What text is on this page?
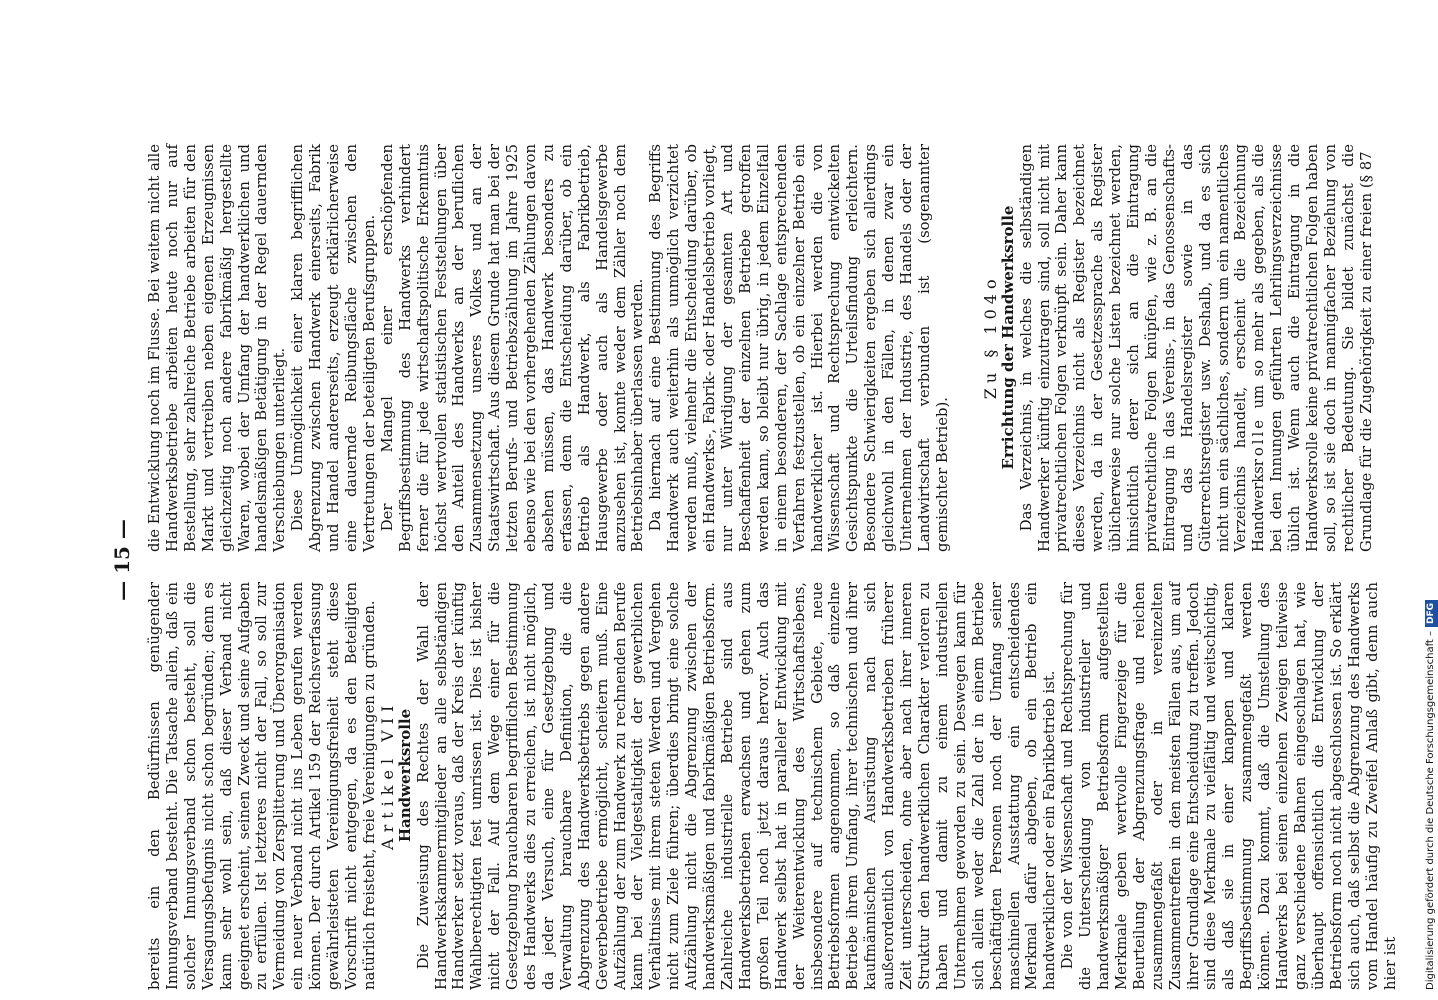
— 15 —

bereits ein den Bedürfnissen genügender Innungsverband besteht. Die Tatsache allein, daß ein solcher Innungsverband schon besteht, soll die Versagungsbefugnis nicht schon begründen; denn es kann sehr wohl sein, daß dieser Verband nicht geeignet erscheint, seinen Zweck und seine Aufgaben zu erfüllen. Ist letzteres nicht der Fall, so soll zur Vermeidung von Zersplitterung und Überorganisation ein neuer Verband nicht ins Leben gerufen werden können. Der durch Artikel 159 der Reichsverfassung gewährleisteten Vereinigungsfreiheit steht diese Vorschrift nicht entgegen, da es den Beteiligten natürlich freisteht, freie Vereinigungen zu gründen. Artikel VII

Handwerksrolle Die Zuweisung des Rechtes der Wahl der Handwerkskammermitglieder an alle selbständigen Handwerker setzt voraus, daß der Kreis der künftig Wahlberechtigten fest umrissen ist. Dies ist bisher nicht der Fall. Auf dem Wege einer für die Gesetzgebung brauchbaren begrifflichen Bestimmung des Handwerks dies zu erreichen, ist nicht möglich, da jeder Versuch, eine für Gesetzgebung und Verwaltung brauchbare Definition, die die Abgrenzung des Handwerksbetriebs gegen andere Gewerbebetriebe ermöglicht, scheitern muß. Eine Aufzählung der zum Handwerk zu rechnenden Berufe kann bei der Vielgestaltigkeit der gewerblichen Verhältnisse mit ihrem steten Werden und Vergehen nicht zum Ziele führen; überdies bringt eine solche Aufzählung nicht die Abgrenzung zwischen der handwerksmäßigen und fabrikmäßigen Betriebsform. Zahlreiche industrielle Betriebe sind aus Handwerksbetrieben erwachsen und gehen zum großen Teil noch jetzt daraus hervor. Auch das Handwerk selbst hat in paralleler Entwicklung mit der Weiterentwicklung des Wirtschaftslebens, insbesondere auf technischem Gebiete, neue Betriebsformen angenommen, so daß einzelne Betriebe ihrem Umfang, ihrer technischen und ihrer kaufmännischen Ausrüstung nach sich außerordentlich von Handwerksbetrieben früherer Zeit unterscheiden, ohne aber nach ihrer inneren Struktur den handwerklichen Charakter verloren zu haben und damit zu einem industriellen Unternehmen geworden zu sein. Deswegen kann für sich allein weder die Zahl der in einem Betriebe beschäftigten Personen noch der Umfang seiner maschinellen Ausstattung ein entscheidendes Merkmal dafür abgeben, ob ein Betrieb ein handwerklicher oder ein Fabrikbetrieb ist. Die von der Wissenschaft und Rechtsprechung für die Unterscheidung von industrieller und handwerksmäßiger Betriebsform aufgestellten Merkmale geben wertvolle Fingerzeige für die Beurteilung der Abgrenzungsfrage und reichen zusammengefaßt oder in vereinzelten Zusammentreffen in den meisten Fällen aus, um auf ihrer Grundlage eine Entscheidung zu treffen. Jedoch sind diese Merkmale zu vielfältig und weitschichtig, als daß sie in einer knappen und klaren Begriffsbestimmung zusammengefaßt werden können. Dazu kommt, daß die Umstellung des Handwerks bei seinen einzelnen Zweigen teilweise ganz verschiedene Bahnen eingeschlagen hat, wie überhaupt offensichtlich die Entwicklung der Betriebsform noch nicht abgeschlossen ist. So erklärt sich auch, daß selbst die Abgrenzung des Handwerks vom Handel häufig zu Zweifel Anlaß gibt, denn auch hier ist

die Entwicklung noch im Flusse. Bei weitem nicht alle Handwerksbetriebe arbeiten heute noch nur auf Bestellung, sehr zahlreiche Betriebe arbeiten für den Markt und vertreiben neben eigenen Erzeugnissen gleichzeitig noch andere fabrikmäßig hergestellte Waren, wobei der Umfang der handwerklichen und handelsmäßigen Betätigung in der Regel dauernden Verschiebungen unterliegt. Diese Unmöglichkeit einer klaren begrifflichen Abgrenzung zwischen Handwerk einerseits, Fabrik und Handel andererseits, erzeugt erklärlicherweise eine dauernde Reibungsfläche zwischen den Vertretungen der beteiligten Berufsgruppen. Der Mangel einer erschöpfenden Begriffsbestimmung des Handwerks verhindert ferner die für jede wirtschaftspolitische Erkenntnis höchst wertvollen statistischen Feststellungen über den Anteil des Handwerks an der beruflichen Zusammensetzung unseres Volkes und an der Staatswirtschaft. Aus diesem Grunde hat man bei der letzten Berufs- und Betriebszählung im Jahre 1925 ebenso wie bei den vorhergehenden Zählungen davon absehen müssen, das Handwerk besonders zu erfassen, denn die Entscheidung darüber, ob ein Betrieb als Handwerk, als Fabrikbetrieb, Hausgewerbe oder auch als Handelsgewerbe anzusehen ist, konnte weder dem Zähler noch dem Betriebsinhaber überlassen werden. Da hiernach auf eine Bestimmung des Begriffs Handwerk auch weiterhin als unmöglich verzichtet werden muß, vielmehr die Entscheidung darüber, ob ein Handwerks-, Fabrik- oder Handelsbetrieb vorliegt, nur unter Würdigung der gesamten Art und Beschaffenheit der einzelnen Betriebe getroffen werden kann, so bleibt nur übrig, in jedem Einzelfall in einem besonderen, der Sachlage entsprechenden Verfahren festzustellen, ob ein einzelner Betrieb ein handwerklicher ist. Hierbei werden die von Wissenschaft und Rechtsprechung entwickelten Gesichtspunkte die Urteilsfindung erleichtern. Besondere Schwierigkeiten ergeben sich allerdings gleichwohl in den Fällen, in denen zwar ein Unternehmen der Industrie, des Handels oder der Landwirtschaft verbunden ist (sogenannter gemischter Betrieb).

Zu § 104o

Errichtung der Handwerksrolle Das Verzeichnis, in welches die selbständigen Handwerker künftig einzutragen sind, soll nicht mit privatrechtlichen Folgen verknüpft sein. Daher kann dieses Verzeichnis nicht als Register bezeichnet werden, da in der Gesetzessprache als Register üblicherweise nur solche Listen bezeichnet werden, hinsichtlich derer sich an die Eintragung privatrechtliche Folgen knüpfen, wie z. B. an die Eintragung in das Vereins-, in das Genossenschafts- und das Handelsregister sowie in das Güterrechtsregister usw. Deshalb, und da es sich nicht um ein sächliches, sondern um ein namentliches Verzeichnis handelt, erscheint die Bezeichnung Handwerksrolle um so mehr als gegeben, als die bei den Innungen geführten Lehrlingsverzeichnisse üblich ist. Wenn auch die Eintragung in die Handwerksrolle keine privatrechtlichen Folgen haben soll, so ist sie doch in mannigfacher Beziehung von rechtlicher Bedeutung. Sie bildet zunächst die Grundlage für die Zugehörigkeit zu einer freien (§ 87

Digitalisierung gefördert durch die Deutsche Forschungsgemeinschaft –
DFG
